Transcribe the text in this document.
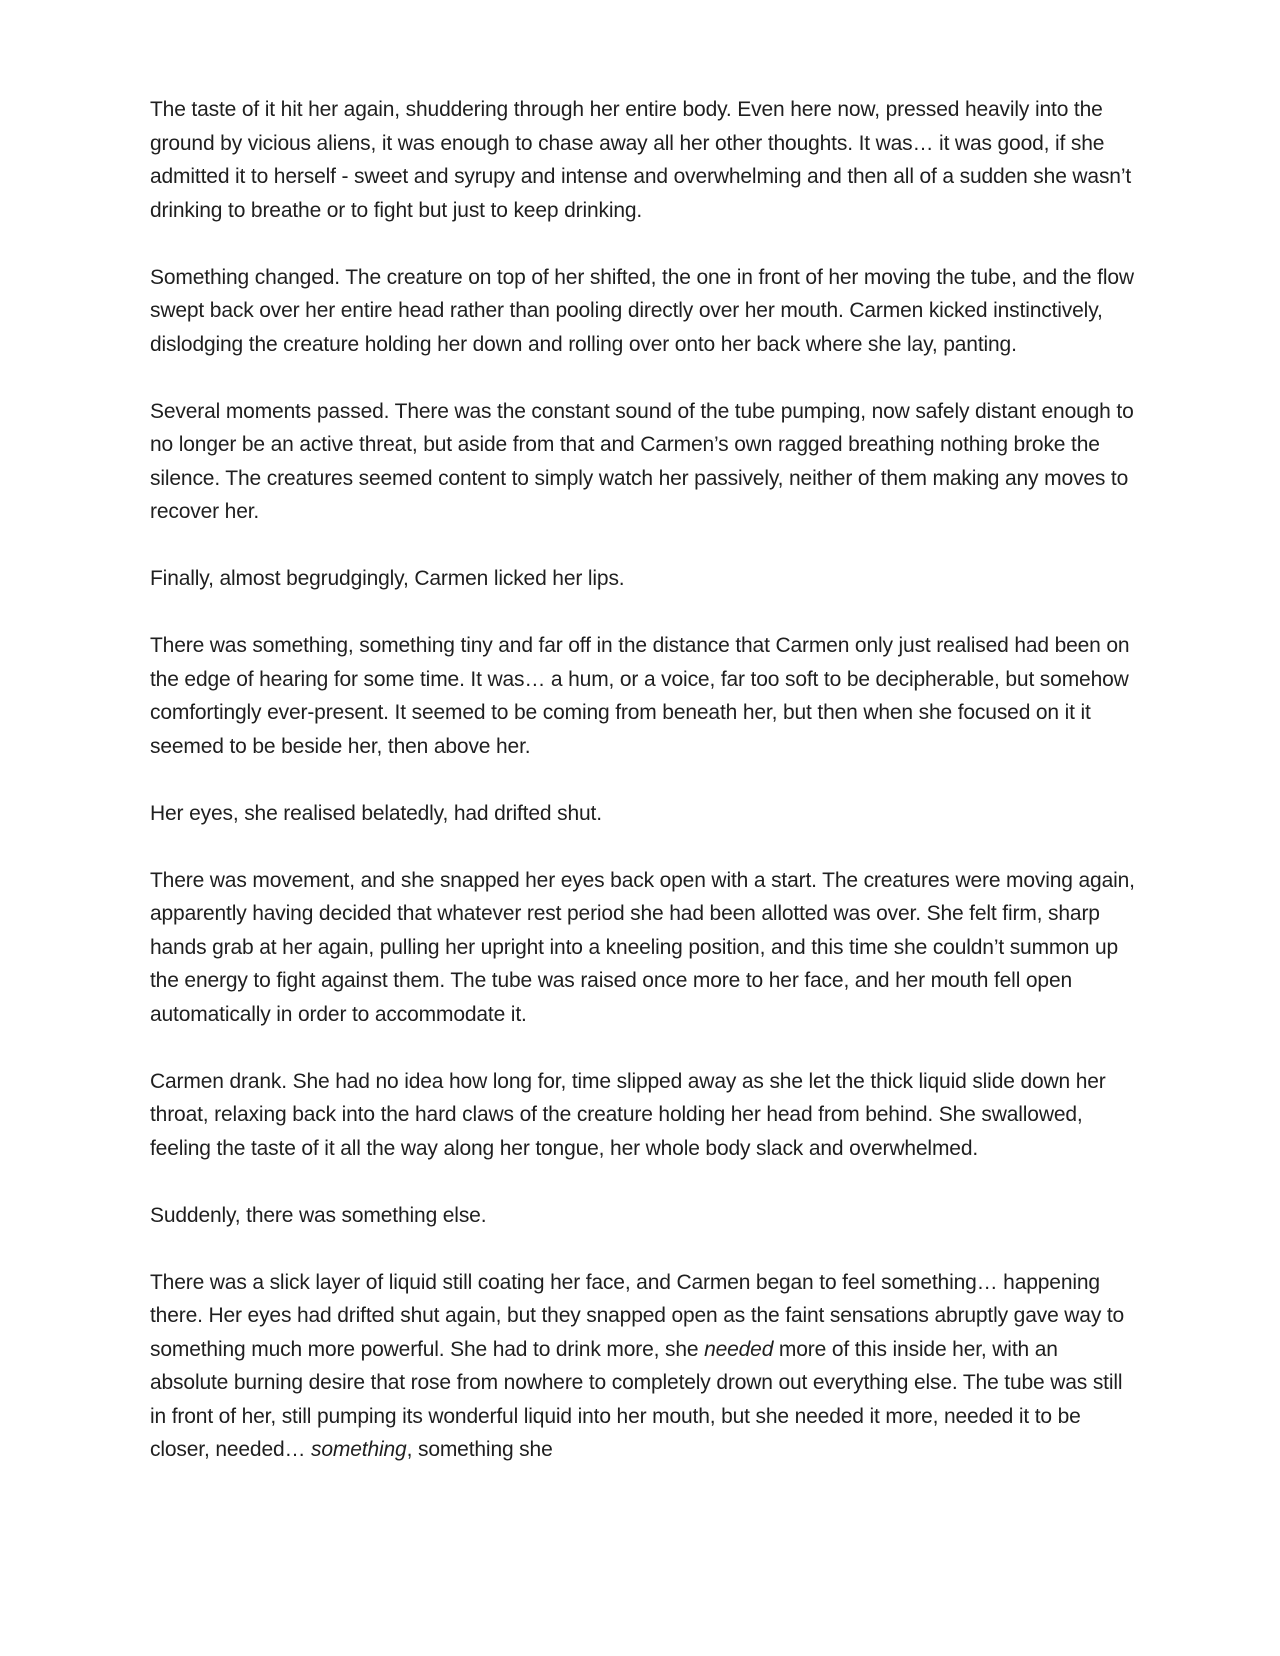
The taste of it hit her again, shuddering through her entire body. Even here now, pressed heavily into the ground by vicious aliens, it was enough to chase away all her other thoughts. It was… it was good, if she admitted it to herself - sweet and syrupy and intense and overwhelming and then all of a sudden she wasn’t drinking to breathe or to fight but just to keep drinking.

Something changed. The creature on top of her shifted, the one in front of her moving the tube, and the flow swept back over her entire head rather than pooling directly over her mouth. Carmen kicked instinctively, dislodging the creature holding her down and rolling over onto her back where she lay, panting.

Several moments passed. There was the constant sound of the tube pumping, now safely distant enough to no longer be an active threat, but aside from that and Carmen’s own ragged breathing nothing broke the silence. The creatures seemed content to simply watch her passively, neither of them making any moves to recover her.

Finally, almost begrudgingly, Carmen licked her lips.

There was something, something tiny and far off in the distance that Carmen only just realised had been on the edge of hearing for some time. It was… a hum, or a voice, far too soft to be decipherable, but somehow comfortingly ever-present. It seemed to be coming from beneath her, but then when she focused on it it seemed to be beside her, then above her.

Her eyes, she realised belatedly, had drifted shut.

There was movement, and she snapped her eyes back open with a start. The creatures were moving again, apparently having decided that whatever rest period she had been allotted was over. She felt firm, sharp hands grab at her again, pulling her upright into a kneeling position, and this time she couldn’t summon up the energy to fight against them. The tube was raised once more to her face, and her mouth fell open automatically in order to accommodate it.

Carmen drank. She had no idea how long for, time slipped away as she let the thick liquid slide down her throat, relaxing back into the hard claws of the creature holding her head from behind. She swallowed, feeling the taste of it all the way along her tongue, her whole body slack and overwhelmed.

Suddenly, there was something else.

There was a slick layer of liquid still coating her face, and Carmen began to feel something… happening there. Her eyes had drifted shut again, but they snapped open as the faint sensations abruptly gave way to something much more powerful. She had to drink more, she needed more of this inside her, with an absolute burning desire that rose from nowhere to completely drown out everything else. The tube was still in front of her, still pumping its wonderful liquid into her mouth, but she needed it more, needed it to be closer, needed… something, something she
